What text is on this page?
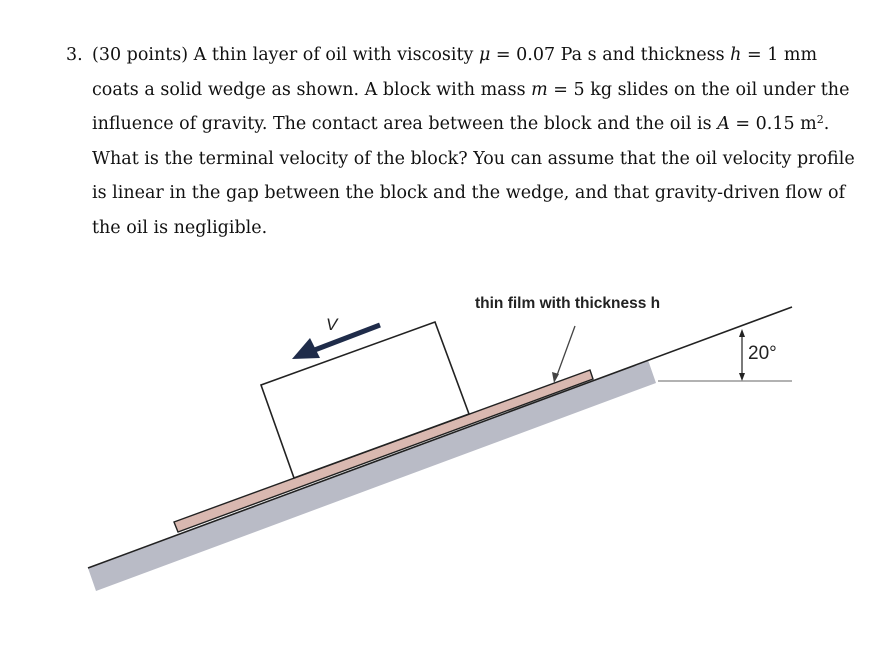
3. (30 points) A thin layer of oil with viscosity μ = 0.07 Pa s and thickness h = 1 mm
coats a solid wedge as shown. A block with mass m = 5 kg slides on the oil under the
influence of gravity. The contact area between the block and the oil is A = 0.15 $m^2$.
What is the terminal velocity of the block? You can assume that the oil velocity profile
is linear in the gap between the block and the wedge, and that gravity-driven flow of
the oil is negligible.
V
thin film with thickness h
20°
